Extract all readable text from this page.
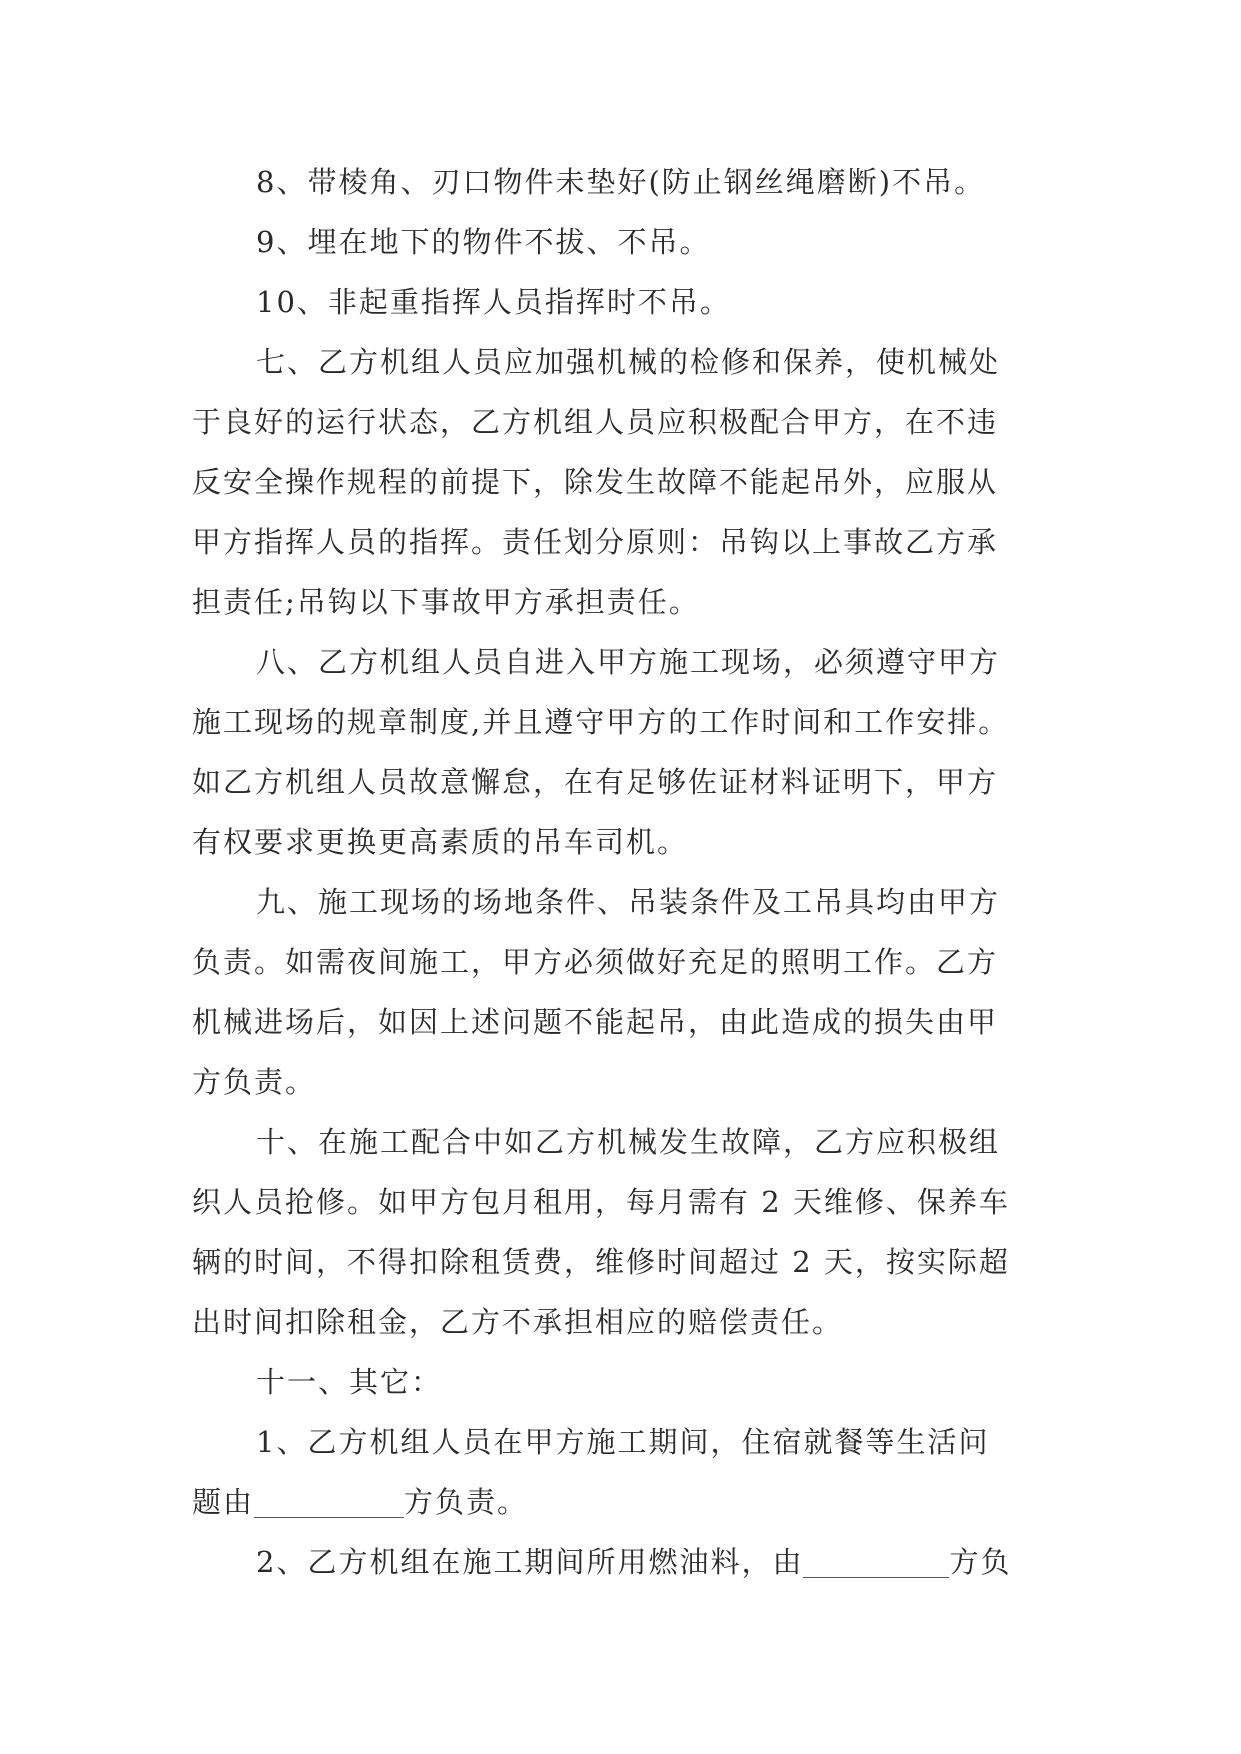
8、带棱角、刃口物件未垫好(防止钢丝绳磨断)不吊。
9、埋在地下的物件不拔、不吊。
10、非起重指挥人员指挥时不吊。
七、乙方机组人员应加强机械的检修和保养，使机械处
于良好的运行状态，乙方机组人员应积极配合甲方，在不违
反安全操作规程的前提下，除发生故障不能起吊外，应服从
甲方指挥人员的指挥。责任划分原则：吊钩以上事故乙方承
担责任;吊钩以下事故甲方承担责任。
八、乙方机组人员自进入甲方施工现场，必须遵守甲方
施工现场的规章制度,并且遵守甲方的工作时间和工作安排。
如乙方机组人员故意懈怠，在有足够佐证材料证明下，甲方
有权要求更换更高素质的吊车司机。
九、施工现场的场地条件、吊装条件及工吊具均由甲方
负责。如需夜间施工，甲方必须做好充足的照明工作。乙方
机械进场后，如因上述问题不能起吊，由此造成的损失由甲
方负责。
十、在施工配合中如乙方机械发生故障，乙方应积极组
织人员抢修。如甲方包月租用，每月需有 2 天维修、保养车
辆的时间，不得扣除租赁费，维修时间超过 2 天，按实际超
出时间扣除租金，乙方不承担相应的赔偿责任。
十一、其它：
1、乙方机组人员在甲方施工期间，住宿就餐等生活问
题由	方负责。
2、乙方机组在施工期间所用燃油料，由	方负
